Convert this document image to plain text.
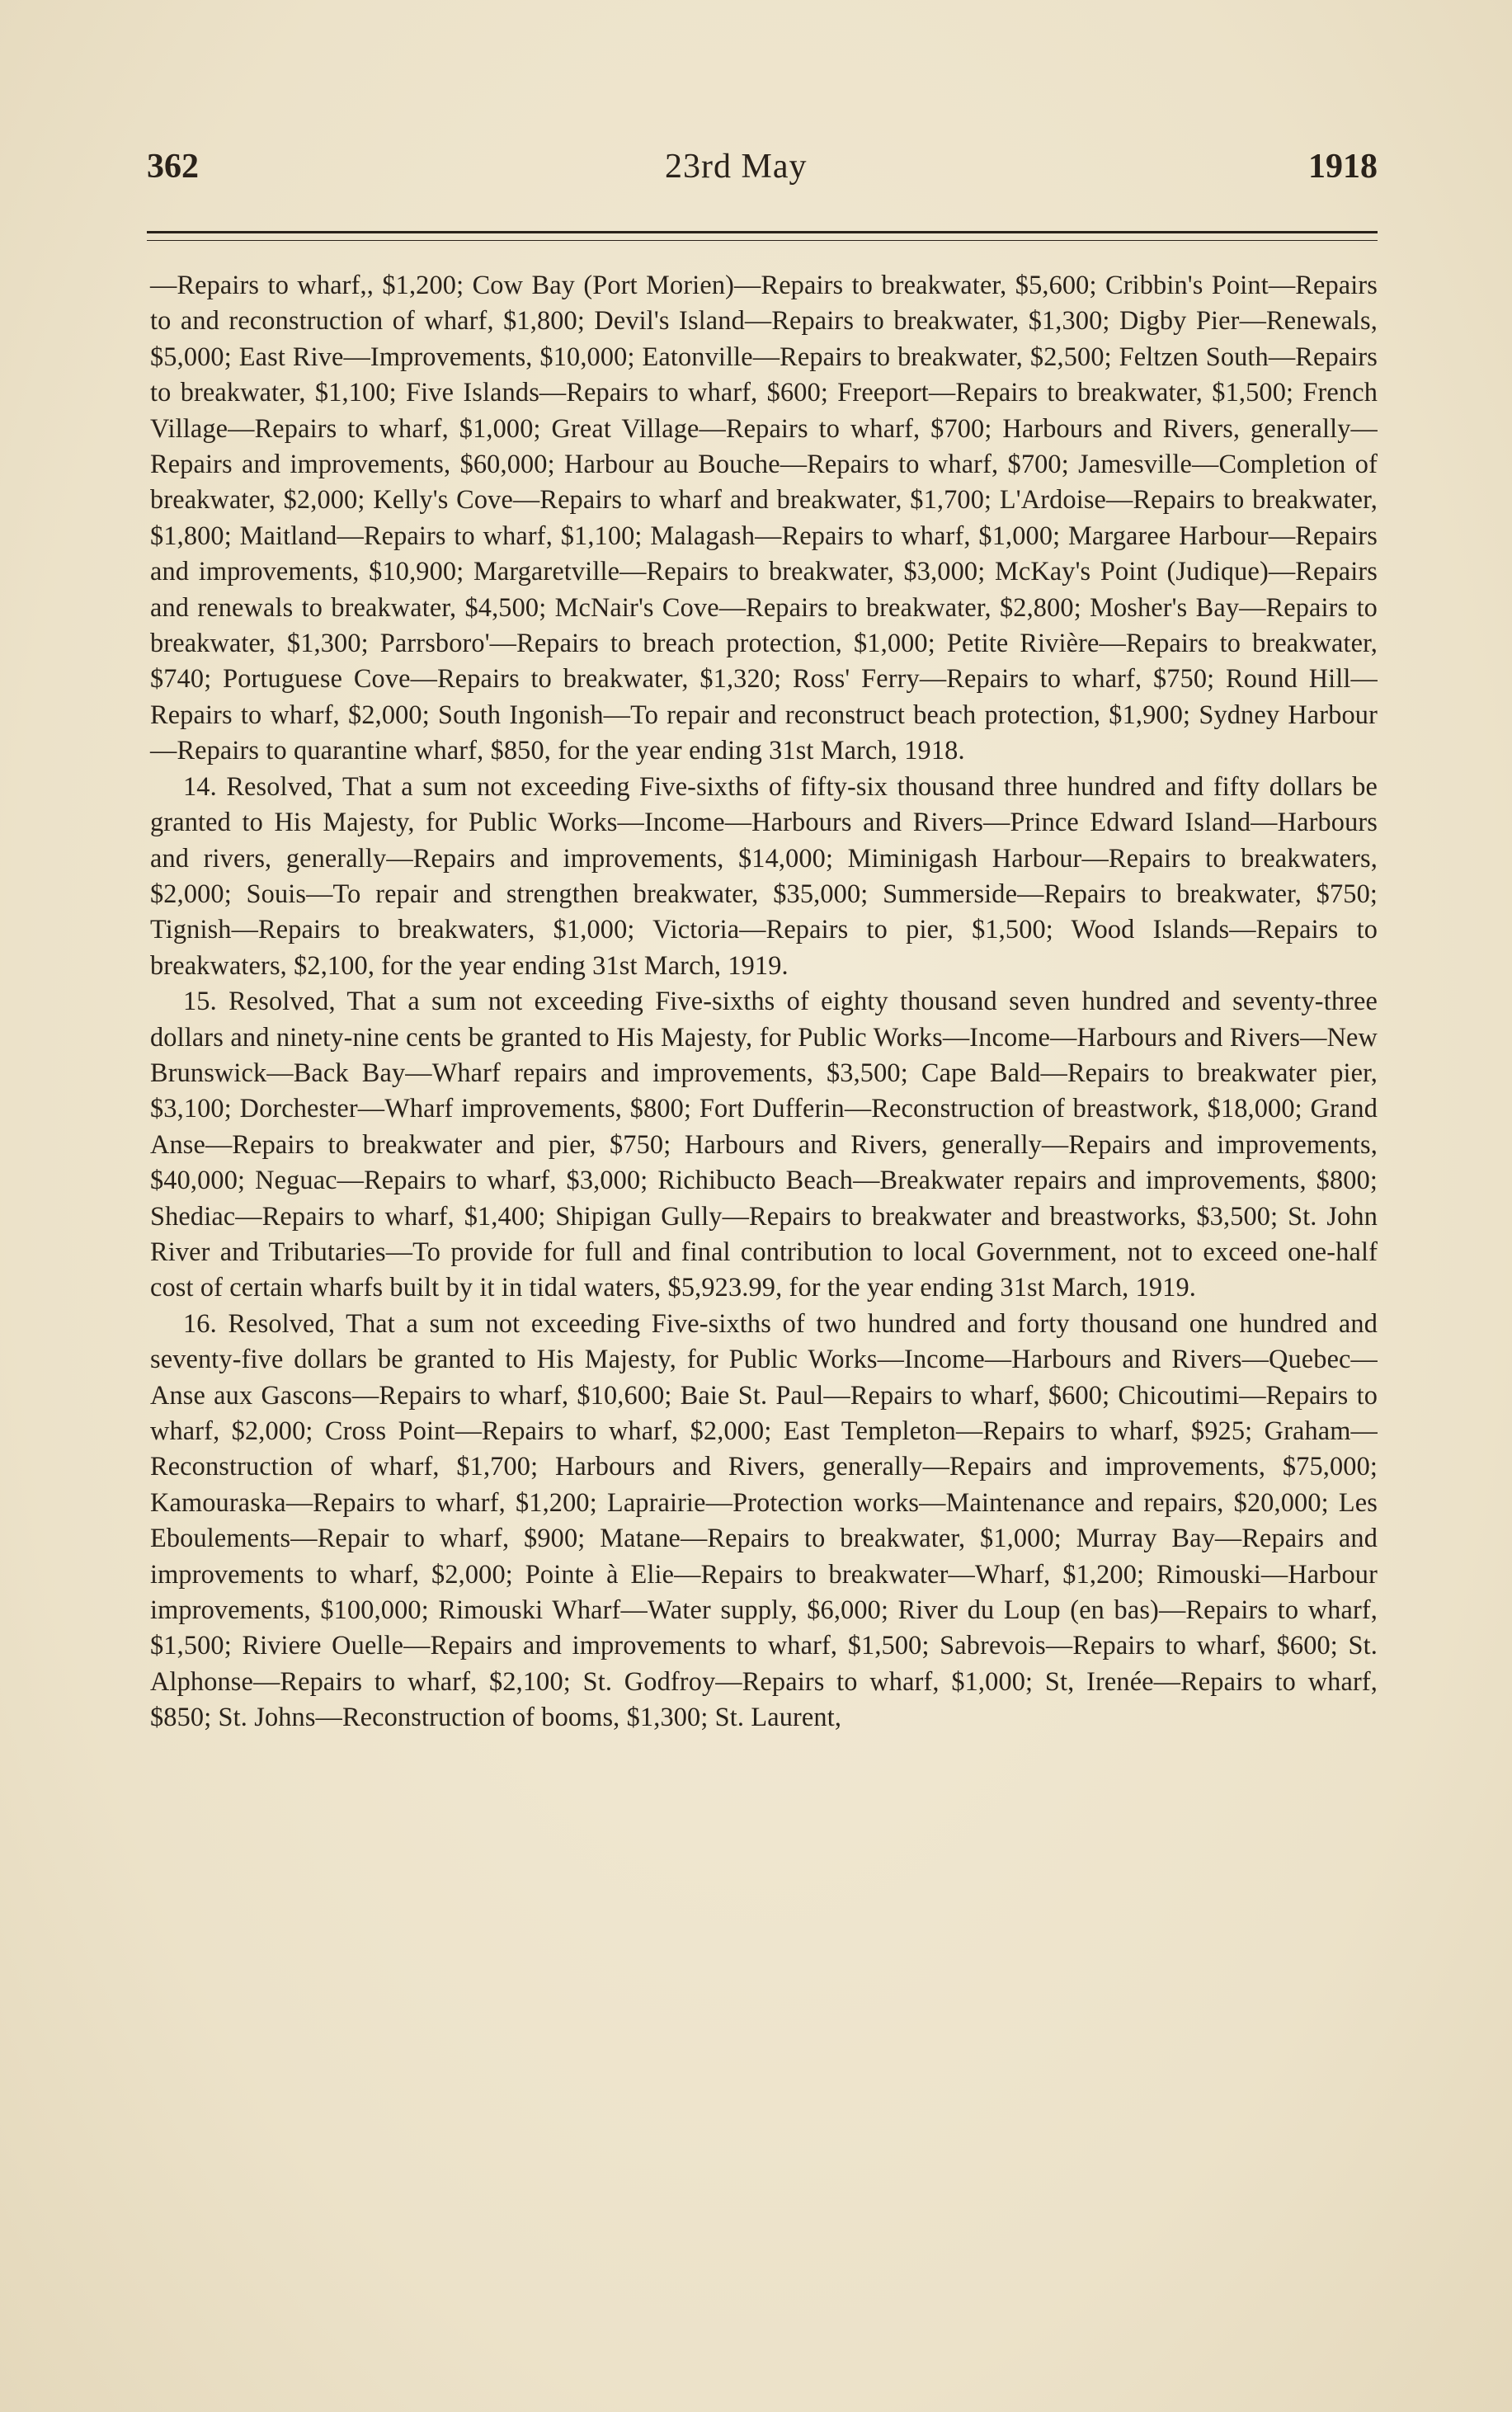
362	23rd May	1918

—Repairs to wharf,, $1,200; Cow Bay (Port Morien)—Repairs to breakwater, $5,600; Cribbin's Point—Repairs to and reconstruction of wharf, $1,800; Devil's Island—Repairs to breakwater, $1,300; Digby Pier—Renewals, $5,000; East Rive—Improvements, $10,000; Eatonville—Repairs to breakwater, $2,500; Feltzen South—Repairs to breakwater, $1,100; Five Islands—Repairs to wharf, $600; Freeport—Repairs to breakwater, $1,500; French Village—Repairs to wharf, $1,000; Great Village—Repairs to wharf, $700; Harbours and Rivers, generally—Repairs and improvements, $60,000; Harbour au Bouche—Repairs to wharf, $700; Jamesville—Completion of breakwater, $2,000; Kelly's Cove—Repairs to wharf and breakwater, $1,700; L'Ardoise—Repairs to breakwater, $1,800; Maitland—Repairs to wharf, $1,100; Malagash—Repairs to wharf, $1,000; Margaree Harbour—Repairs and improvements, $10,900; Margaretville—Repairs to breakwater, $3,000; McKay's Point (Judique)—Repairs and renewals to breakwater, $4,500; McNair's Cove—Repairs to breakwater, $2,800; Mosher's Bay—Repairs to breakwater, $1,300; Parrsboro'—Repairs to breach protection, $1,000; Petite Rivière—Repairs to breakwater, $740; Portuguese Cove—Repairs to breakwater, $1,320; Ross' Ferry—Repairs to wharf, $750; Round Hill—Repairs to wharf, $2,000; South Ingonish—To repair and reconstruct beach protection, $1,900; Sydney Harbour—Repairs to quarantine wharf, $850, for the year ending 31st March, 1918.

14. Resolved, That a sum not exceeding Five-sixths of fifty-six thousand three hundred and fifty dollars be granted to His Majesty, for Public Works—Income—Harbours and Rivers—Prince Edward Island—Harbours and rivers, generally—Repairs and improvements, $14,000; Miminigash Harbour—Repairs to breakwaters, $2,000; Souis—To repair and strengthen breakwater, $35,000; Summerside—Repairs to breakwater, $750; Tignish—Repairs to breakwaters, $1,000; Victoria—Repairs to pier, $1,500; Wood Islands—Repairs to breakwaters, $2,100, for the year ending 31st March, 1919.

15. Resolved, That a sum not exceeding Five-sixths of eighty thousand seven hundred and seventy-three dollars and ninety-nine cents be granted to His Majesty, for Public Works—Income—Harbours and Rivers—New Brunswick—Back Bay—Wharf repairs and improvements, $3,500; Cape Bald—Repairs to breakwater pier, $3,100; Dorchester—Wharf improvements, $800; Fort Dufferin—Reconstruction of breastwork, $18,000; Grand Anse—Repairs to breakwater and pier, $750; Harbours and Rivers, generally—Repairs and improvements, $40,000; Neguac—Repairs to wharf, $3,000; Richibucto Beach—Breakwater repairs and improvements, $800; Shediac—Repairs to wharf, $1,400; Shipigan Gully—Repairs to breakwater and breastworks, $3,500; St. John River and Tributaries—To provide for full and final contribution to local Government, not to exceed one-half cost of certain wharfs built by it in tidal waters, $5,923.99, for the year ending 31st March, 1919.

16. Resolved, That a sum not exceeding Five-sixths of two hundred and forty thousand one hundred and seventy-five dollars be granted to His Majesty, for Public Works—Income—Harbours and Rivers—Quebec—Anse aux Gascons—Repairs to wharf, $10,600; Baie St. Paul—Repairs to wharf, $600; Chicoutimi—Repairs to wharf, $2,000; Cross Point—Repairs to wharf, $2,000; East Templeton—Repairs to wharf, $925; Graham—Reconstruction of wharf, $1,700; Harbours and Rivers, generally—Repairs and improvements, $75,000; Kamouraska—Repairs to wharf, $1,200; Laprairie—Protection works—Maintenance and repairs, $20,000; Les Eboulements—Repair to wharf, $900; Matane—Repairs to breakwater, $1,000; Murray Bay—Repairs and improvements to wharf, $2,000; Pointe à Elie—Repairs to breakwater—Wharf, $1,200; Rimouski—Harbour improvements, $100,000; Rimouski Wharf—Water supply, $6,000; River du Loup (en bas)—Repairs to wharf, $1,500; Riviere Ouelle—Repairs and improvements to wharf, $1,500; Sabrevois—Repairs to wharf, $600; St. Alphonse—Repairs to wharf, $2,100; St. Godfroy—Repairs to wharf, $1,000; St, Irenée—Repairs to wharf, $850; St. Johns—Reconstruction of booms, $1,300; St. Laurent,
